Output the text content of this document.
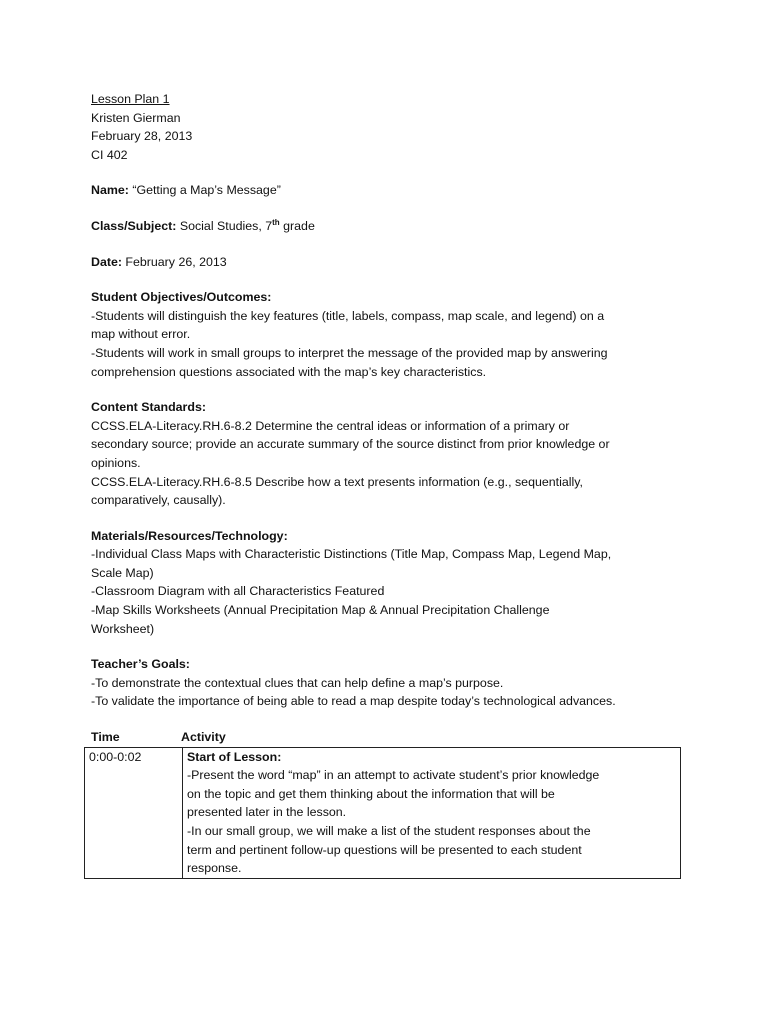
Lesson Plan 1
Kristen Gierman
February 28, 2013
CI 402
Name: “Getting a Map’s Message”
Class/Subject: Social Studies, 7th grade
Date: February 26, 2013
Student Objectives/Outcomes:
-Students will distinguish the key features (title, labels, compass, map scale, and legend) on a
map without error.
-Students will work in small groups to interpret the message of the provided map by answering
comprehension questions associated with the map’s key characteristics.
Content Standards:
CCSS.ELA-Literacy.RH.6-8.2 Determine the central ideas or information of a primary or
secondary source; provide an accurate summary of the source distinct from prior knowledge or
opinions.
CCSS.ELA-Literacy.RH.6-8.5 Describe how a text presents information (e.g., sequentially,
comparatively, causally).
Materials/Resources/Technology:
-Individual Class Maps with Characteristic Distinctions (Title Map, Compass Map, Legend Map,
Scale Map)
-Classroom Diagram with all Characteristics Featured
-Map Skills Worksheets (Annual Precipitation Map & Annual Precipitation Challenge
Worksheet)
Teacher’s Goals:
-To demonstrate the contextual clues that can help define a map’s purpose.
-To validate the importance of being able to read a map despite today’s technological advances.
Time	Activity
0:00-0:02	Start of Lesson:
-Present the word “map” in an attempt to activate student’s prior knowledge
on the topic and get them thinking about the information that will be
presented later in the lesson.
-In our small group, we will make a list of the student responses about the
term and pertinent follow-up questions will be presented to each student
response.
